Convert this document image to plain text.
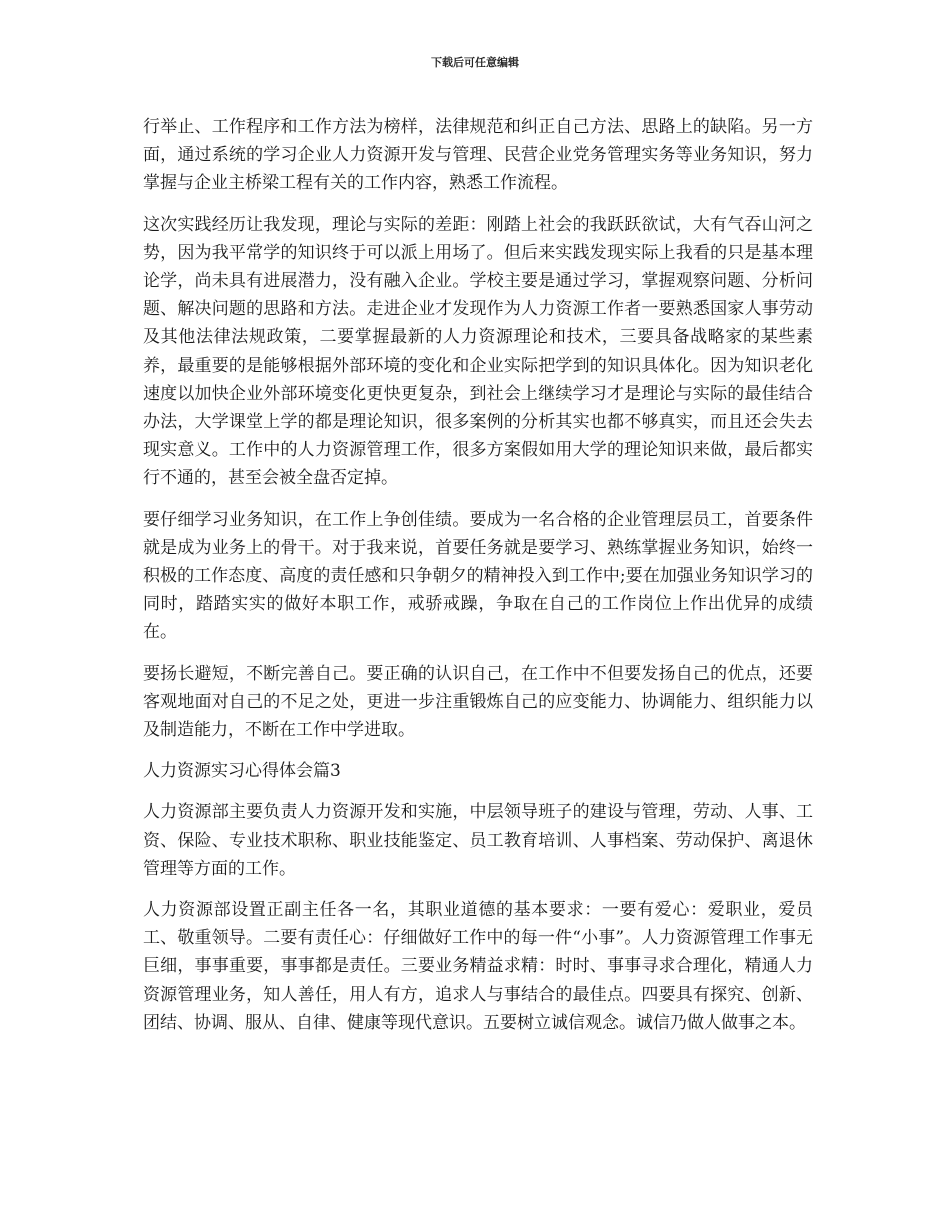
下载后可任意编辑

行举止、工作程序和工作方法为榜样，法律规范和纠正自己方法、思路上的缺陷。另一方面，通过系统的学习企业人力资源开发与管理、民营企业党务管理实务等业务知识，努力掌握与企业主桥梁工程有关的工作内容，熟悉工作流程。

这次实践经历让我发现，理论与实际的差距：刚踏上社会的我跃跃欲试，大有气吞山河之势，因为我平常学的知识终于可以派上用场了。但后来实践发现实际上我看的只是基本理论学，尚未具有进展潜力，没有融入企业。学校主要是通过学习，掌握观察问题、分析问题、解决问题的思路和方法。走进企业才发现作为人力资源工作者一要熟悉国家人事劳动及其他法律法规政策，二要掌握最新的人力资源理论和技术，三要具备战略家的某些素养，最重要的是能够根据外部环境的变化和企业实际把学到的知识具体化。因为知识老化速度以加快企业外部环境变化更快更复杂，到社会上继续学习才是理论与实际的最佳结合办法，大学课堂上学的都是理论知识，很多案例的分析其实也都不够真实，而且还会失去现实意义。工作中的人力资源管理工作，很多方案假如用大学的理论知识来做，最后都实行不通的，甚至会被全盘否定掉。

要仔细学习业务知识，在工作上争创佳绩。要成为一名合格的企业管理层员工，首要条件就是成为业务上的骨干。对于我来说，首要任务就是要学习、熟练掌握业务知识，始终一积极的工作态度、高度的责任感和只争朝夕的精神投入到工作中;要在加强业务知识学习的同时，踏踏实实的做好本职工作，戒骄戒躁，争取在自己的工作岗位上作出优异的成绩在。

要扬长避短，不断完善自己。要正确的认识自己，在工作中不但要发扬自己的优点，还要客观地面对自己的不足之处，更进一步注重锻炼自己的应变能力、协调能力、组织能力以及制造能力，不断在工作中学进取。

人力资源实习心得体会篇3

人力资源部主要负责人力资源开发和实施，中层领导班子的建设与管理，劳动、人事、工资、保险、专业技术职称、职业技能鉴定、员工教育培训、人事档案、劳动保护、离退休管理等方面的工作。

人力资源部设置正副主任各一名，其职业道德的基本要求：一要有爱心：爱职业，爱员工、敬重领导。二要有责任心：仔细做好工作中的每一件“小事”。人力资源管理工作事无巨细，事事重要，事事都是责任。三要业务精益求精：时时、事事寻求合理化，精通人力资源管理业务，知人善任，用人有方，追求人与事结合的最佳点。四要具有探究、创新、团结、协调、服从、自律、健康等现代意识。五要树立诚信观念。诚信乃做人做事之本。
